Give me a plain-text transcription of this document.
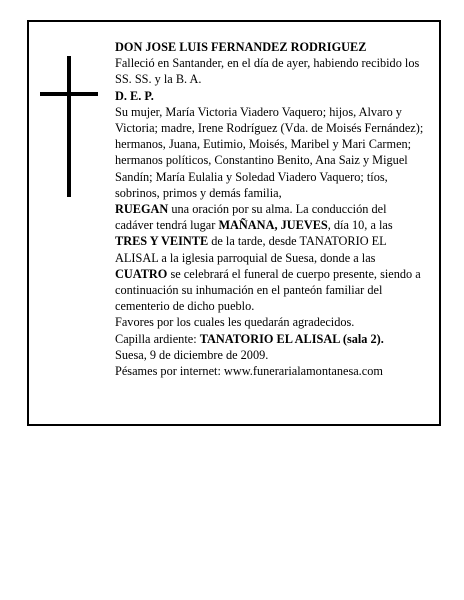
DON JOSE LUIS FERNANDEZ RODRIGUEZ

Falleció en Santander, en el día de ayer, habiendo recibido los SS. SS. y la B. A.

D. E. P.

Su mujer, María Victoria Viadero Vaquero; hijos, Alvaro y Victoria; madre, Irene Rodríguez (Vda. de Moisés Fernández); hermanos, Juana, Eutimio, Moisés, Maribel y Mari Carmen; hermanos políticos, Constantino Benito, Ana Saiz y Miguel Sandín; María Eulalia y Soledad Viadero Vaquero; tíos, sobrinos, primos y demás familia,

RUEGAN una oración por su alma. La conducción del cadáver tendrá lugar MAÑANA, JUEVES, día 10, a las TRES Y VEINTE de la tarde, desde TANATORIO EL ALISAL a la iglesia parroquial de Suesa, donde a las CUATRO se celebrará el funeral de cuerpo presente, siendo a continuación su inhumación en el panteón familiar del cementerio de dicho pueblo.

Favores por los cuales les quedarán agradecidos.

Capilla ardiente: TANATORIO EL ALISAL (sala 2).

Suesa, 9 de diciembre de 2009.

Pésames por internet: www.funerarialamontanesa.com
